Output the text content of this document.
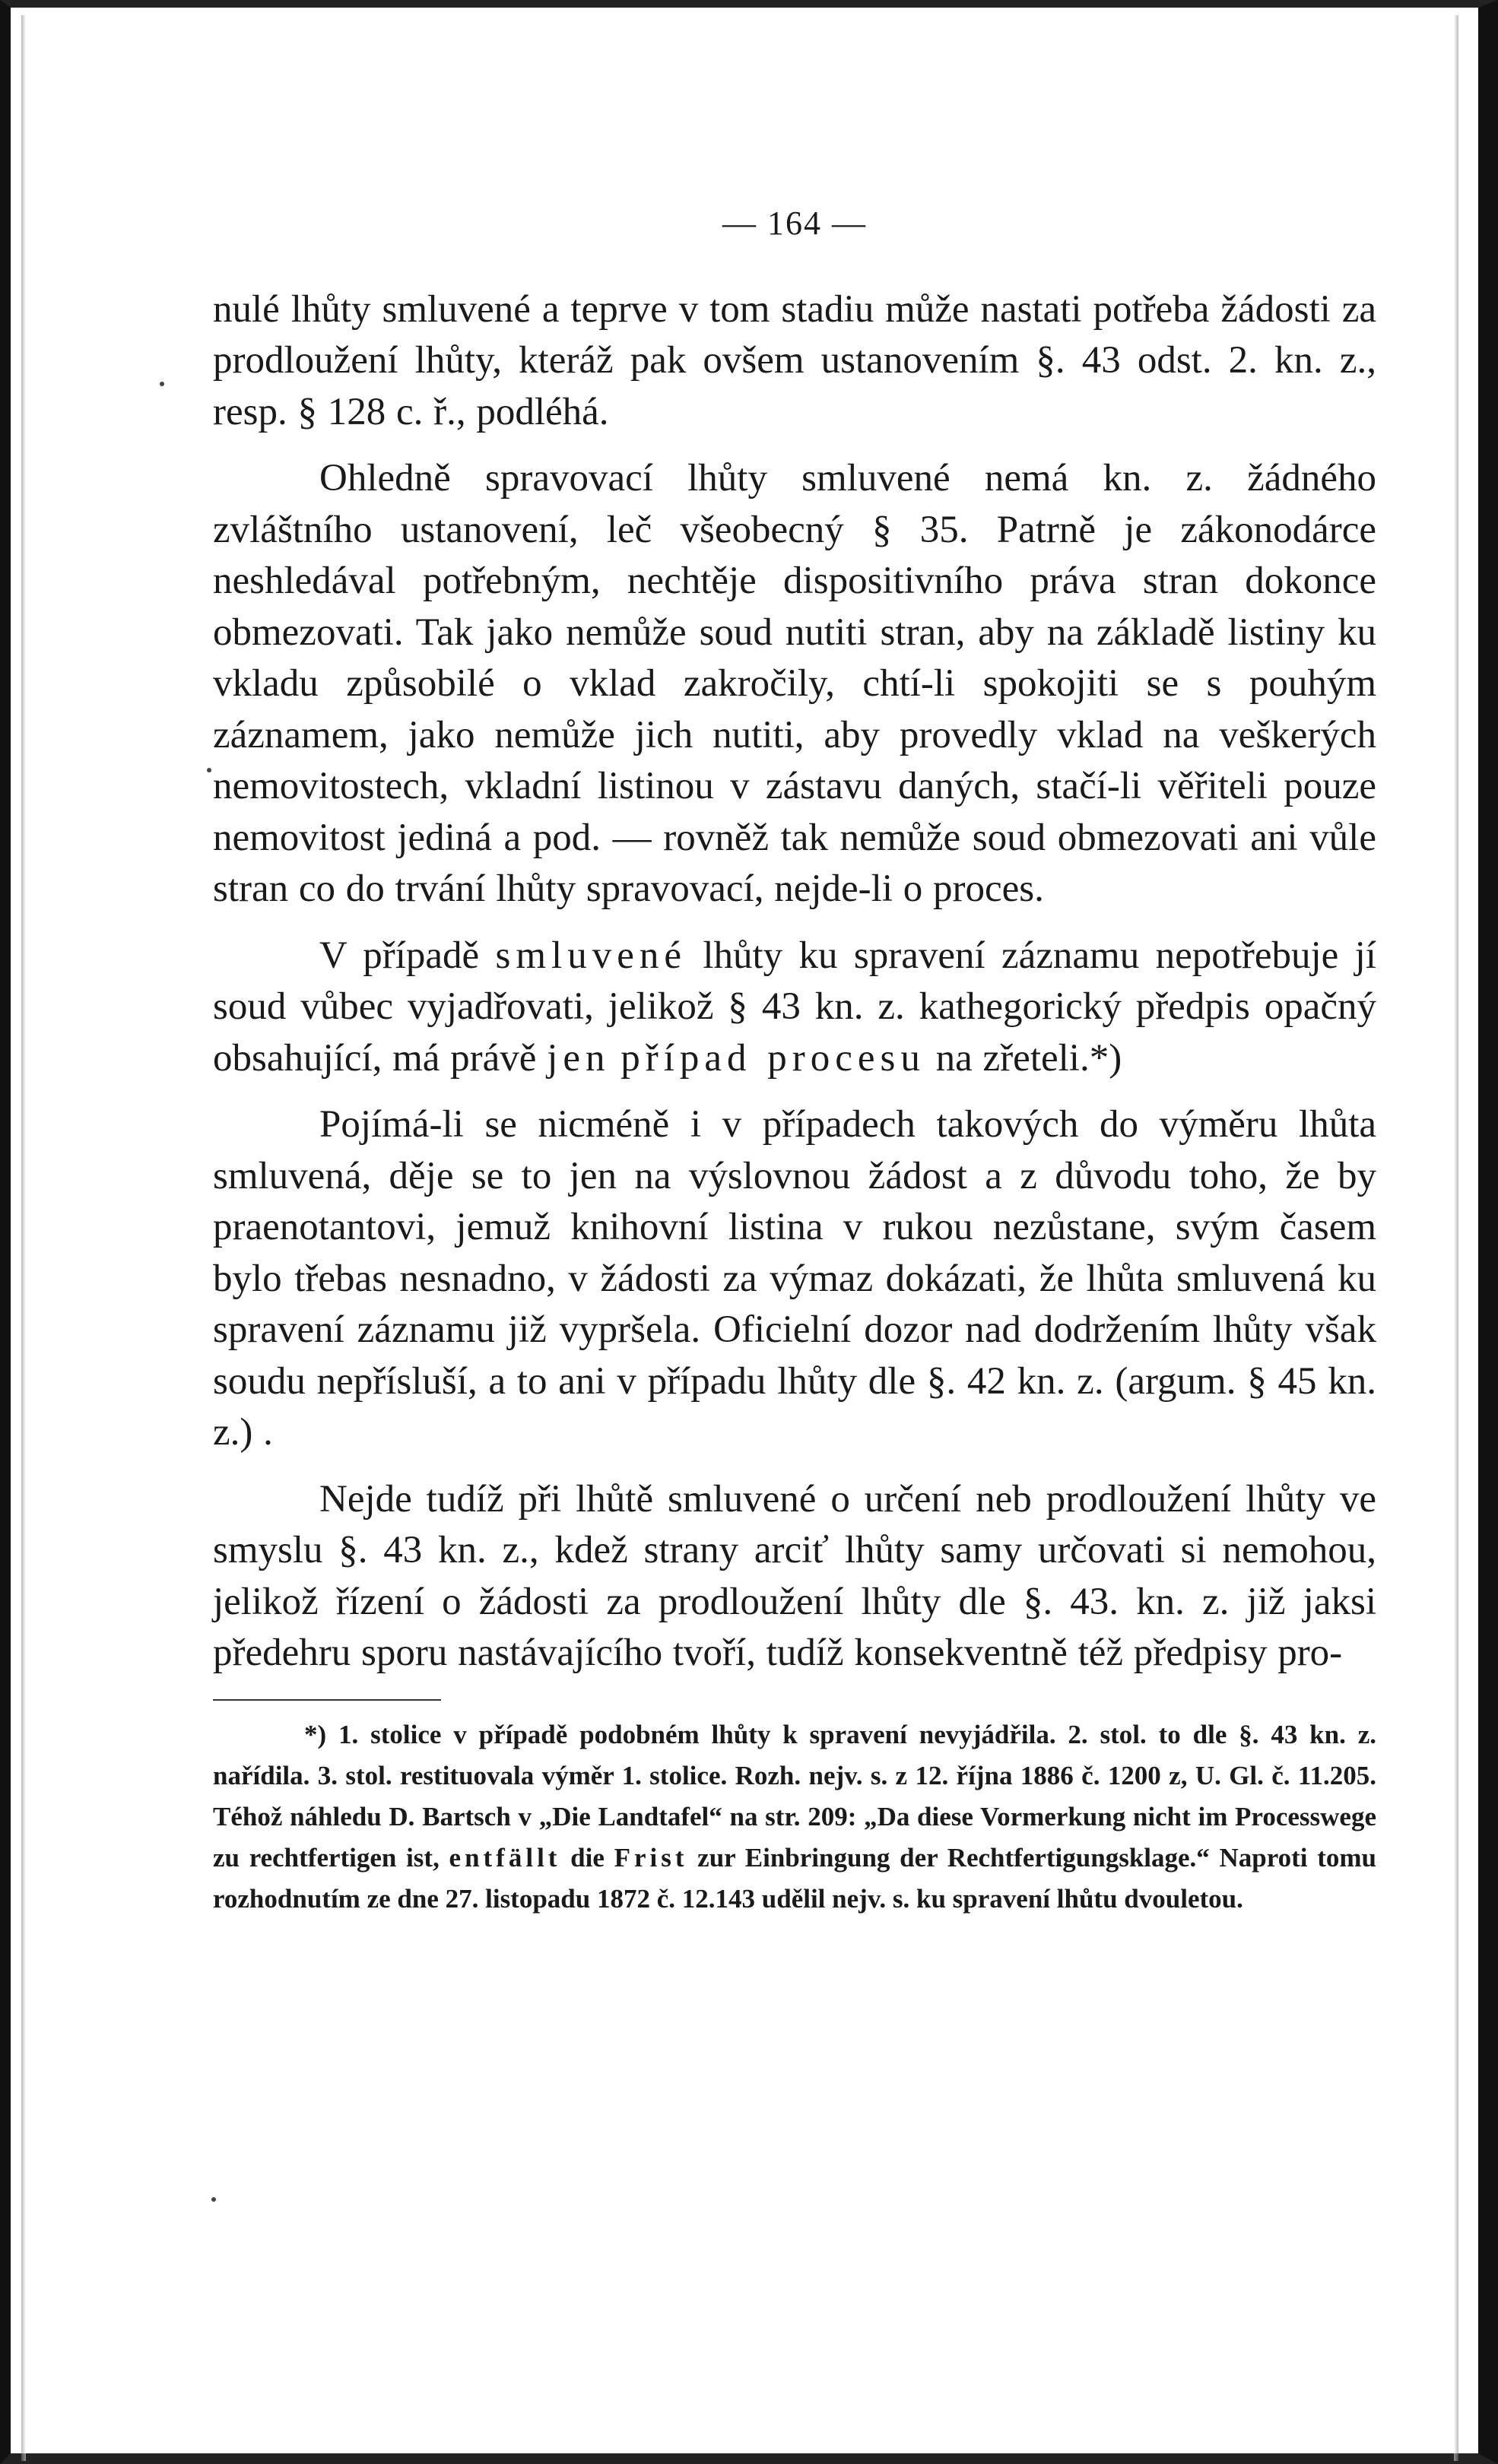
— 164 —

nulé lhůty smluvené a teprve v tom stadiu může nastati potřeba žádosti za prodloužení lhůty, kteráž pak ovšem ustanovením §. 43 odst. 2. kn. z., resp. § 128 c. ř., podléhá.

Ohledně spravovací lhůty smluvené nemá kn. z. žádného zvláštního ustanovení, leč všeobecný § 35. Patrně je zákonodárce neshledával potřebným, nechtěje dispositivního práva stran dokonce obmezovati. Tak jako nemůže soud nutiti stran, aby na základě listiny ku vkladu způsobilé o vklad zakročily, chtí-li spokojiti se s pouhým záznamem, jako nemůže jich nutiti, aby provedly vklad na veškerých nemovitostech, vkladní listinou v zástavu daných, stačí-li věřiteli pouze nemovitost jediná a pod. — rovněž tak nemůže soud obmezovati ani vůle stran co do trvání lhůty spravovací, nejde-li o proces.

V případě smluvené lhůty ku spravení záznamu nepotřebuje jí soud vůbec vyjadřovati, jelikož § 43 kn. z. kathegorický předpis opačný obsahující, má právě jen případ procesu na zřeteli.*)

Pojímá-li se nicméně i v případech takových do výměru lhůta smluvená, děje se to jen na výslovnou žádost a z důvodu toho, že by praenotantovi, jemuž knihovní listina v rukou nezůstane, svým časem bylo třebas nesnadno, v žádosti za výmaz dokázati, že lhůta smluvená ku spravení záznamu již vypršela. Oficielní dozor nad dodržením lhůty však soudu nepřísluší, a to ani v případu lhůty dle §. 42 kn. z. (argum. § 45 kn. z.) .

Nejde tudíž při lhůtě smluvené o určení neb prodloužení lhůty ve smyslu §. 43 kn. z., kdež strany arciť lhůty samy určovati si nemohou, jelikož řízení o žádosti za prodloužení lhůty dle §. 43. kn. z. již jaksi předehru sporu nastávajícího tvoří, tudíž konsekventně též předpisy pro-

*) 1. stolice v případě podobném lhůty k spravení nevyjádřila. 2. stol. to dle §. 43 kn. z. nařídila. 3. stol. restituovala výměr 1. stolice. Rozh. nejv. s. z 12. října 1886 č. 1200 z, U. Gl. č. 11.205. Téhož náhledu D. Bartsch v „Die Landtafel“ na str. 209: „Da diese Vormerkung nicht im Processwege zu rechtfertigen ist, entfällt die Frist zur Einbringung der Rechtfertigungsklage.“ Naproti tomu rozhodnutím ze dne 27. listopadu 1872 č. 12.143 udělil nejv. s. ku spravení lhůtu dvouletou.
